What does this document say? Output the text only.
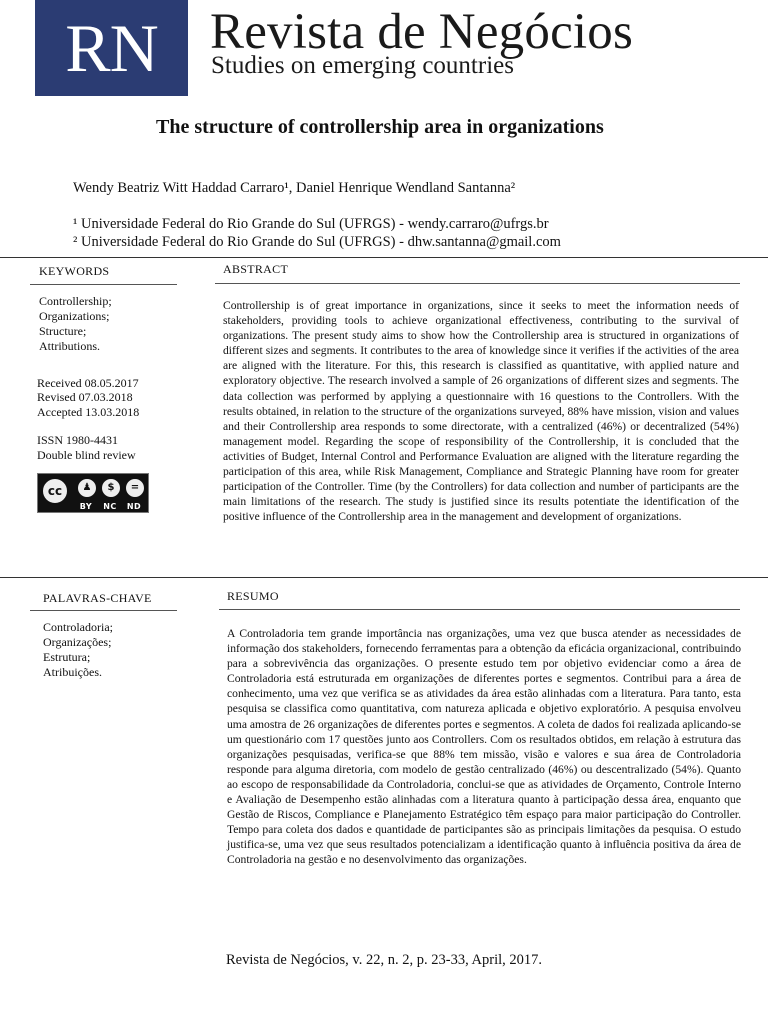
RN	Revista de Negócios
Studies on emerging countries
The structure of controllership area in organizations
Wendy Beatriz Witt Haddad Carraro¹, Daniel Henrique Wendland Santanna²
¹ Universidade Federal do Rio Grande do Sul (UFRGS) - wendy.carraro@ufrgs.br
² Universidade Federal do Rio Grande do Sul (UFRGS) - dhw.santanna@gmail.com
KEYWORDS
Controllership;
Organizations;
Structure;
Attributions.
Received 08.05.2017
Revised 07.03.2018
Accepted 13.03.2018
ISSN 1980-4431
Double blind review
cc	♟	$	=
BY NC ND
ABSTRACT
Controllership is of great importance in organizations, since it seeks to meet the information needs of stakeholders, providing tools to achieve organizational effectiveness, contributing to the survival of organizations. The present study aims to show how the Controllership area is structured in organizations of different sizes and segments. It contributes to the area of knowledge since it verifies if the activities of the area are aligned with the literature. For this, this research is classified as quantitative, with applied nature and exploratory objective. The research involved a sample of 26 organizations of different sizes and segments. The data collection was performed by applying a questionnaire with 16 questions to the Controllers. With the results obtained, in relation to the structure of the organizations surveyed, 88% have mission, vision and values and their Controllership area responds to some directorate, with a centralized (46%) or decentralized (54%) management model. Regarding the scope of responsibility of the Controllership, it is concluded that the activities of Budget, Internal Control and Performance Evaluation are aligned with the literature regarding the participation of this area, while Risk Management, Compliance and Strategic Planning have room for greater participation of the Controller. Time (by the Controllers) for data collection and number of participants are the main limitations of the research. The study is justified since its results potentiate the identification of the positive influence of the Controllership area in the management and development of organizations.
PALAVRAS-CHAVE
Controladoria;
Organizações;
Estrutura;
Atribuições.
RESUMO
A Controladoria tem grande importância nas organizações, uma vez que busca atender as necessidades de informação dos stakeholders, fornecendo ferramentas para a obtenção da eficácia organizacional, contribuindo para a sobrevivência das organizações. O presente estudo tem por objetivo evidenciar como a área de Controladoria está estruturada em organizações de diferentes portes e segmentos. Contribui para a área de conhecimento, uma vez que verifica se as atividades da área estão alinhadas com a literatura. Para tanto, esta pesquisa se classifica como quantitativa, com natureza aplicada e objetivo exploratório. A pesquisa envolveu uma amostra de 26 organizações de diferentes portes e segmentos. A coleta de dados foi realizada aplicando-se um questionário com 17 questões junto aos Controllers. Com os resultados obtidos, em relação à estrutura das organizações pesquisadas, verifica-se que 88% tem missão, visão e valores e sua área de Controladoria responde para alguma diretoria, com modelo de gestão centralizado (46%) ou descentralizado (54%). Quanto ao escopo de responsabilidade da Controladoria, conclui-se que as atividades de Orçamento, Controle Interno e Avaliação de Desempenho estão alinhadas com a literatura quanto à participação dessa área, enquanto que Gestão de Riscos, Compliance e Planejamento Estratégico têm espaço para maior participação do Controller. Tempo para coleta dos dados e quantidade de participantes são as principais limitações da pesquisa. O estudo justifica-se, uma vez que seus resultados potencializam a identificação quanto à influência positiva da área de Controladoria na gestão e no desenvolvimento das organizações.
Revista de Negócios, v. 22, n. 2, p. 23-33, April, 2017.
